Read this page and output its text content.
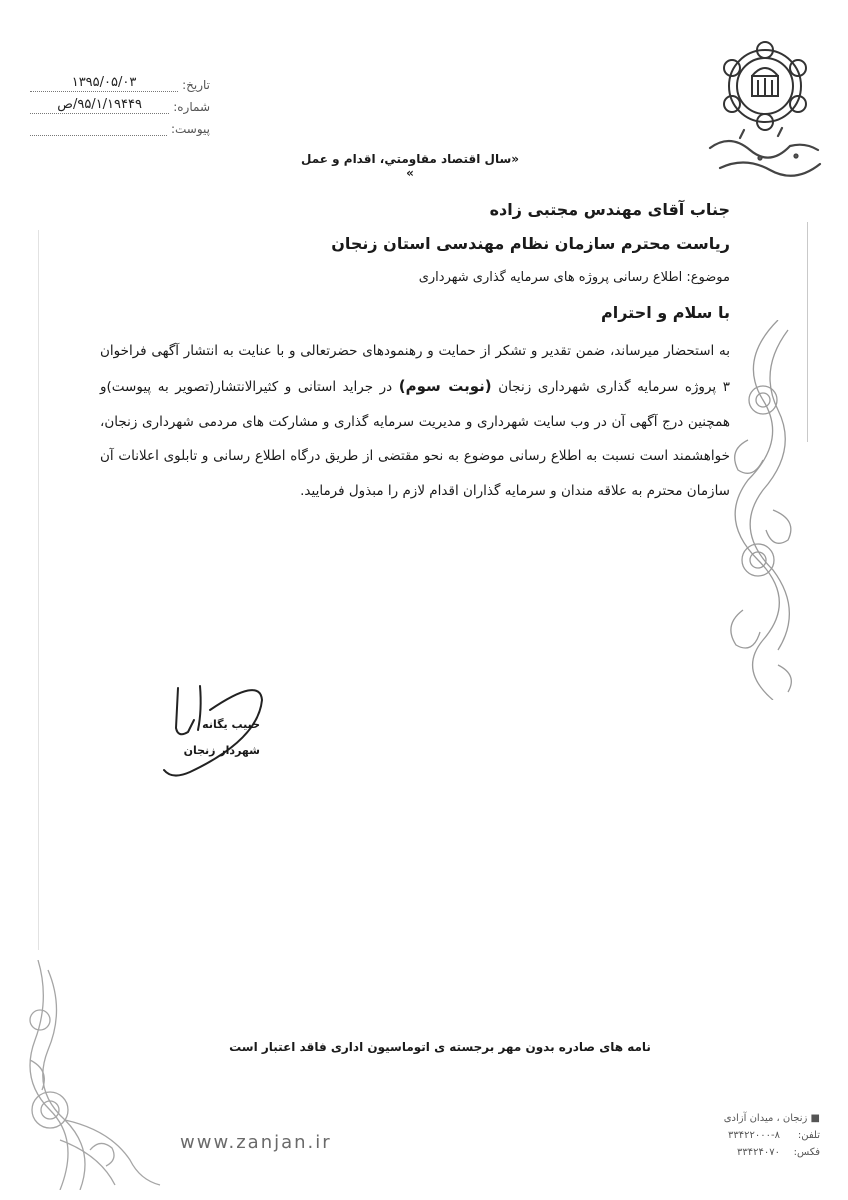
تاریخ:
۱۳۹۵/۰۵/۰۳
شماره:
۹۵/۱/۱۹۴۴۹/ص
پیوست:
«سال اقتصاد مقاومتي، اقدام و عمل »
جناب آقای مهندس مجتبی زاده
ریاست محترم سازمان نظام مهندسی استان زنجان
موضوع: اطلاع رسانی پروژه های سرمایه گذاری شهرداری
با سلام و احترام
به استحضار میرساند، ضمن تقدیر و تشکر از حمایت و رهنمودهای حضرتعالی و با عنایت به انتشار آگهی فراخوان ۳ پروژه سرمایه گذاری شهرداری زنجان (نوبت سوم) در جراید استانی و کثیرالانتشار(تصویر به پیوست)و همچنین درج آگهی آن در وب سایت شهرداری و مدیریت سرمایه گذاری و مشارکت های مردمی شهرداری زنجان، خواهشمند است نسبت به اطلاع رسانی موضوع به نحو مقتضی از طریق درگاه اطلاع رسانی و تابلوی اعلانات آن سازمان محترم به علاقه مندان و سرمایه گذاران اقدام لازم را مبذول فرمایید.
حبیب یگانه
شهردار زنجان
نامه های صادره بدون مهر برجسته ی اتوماسیون اداری فاقد اعتبار است
www.zanjan.ir
■ زنجان ، میدان آزادی
تلفن:
۳۳۴۲۲۰۰۰-۸
فکس:
۳۳۴۲۴۰۷۰
